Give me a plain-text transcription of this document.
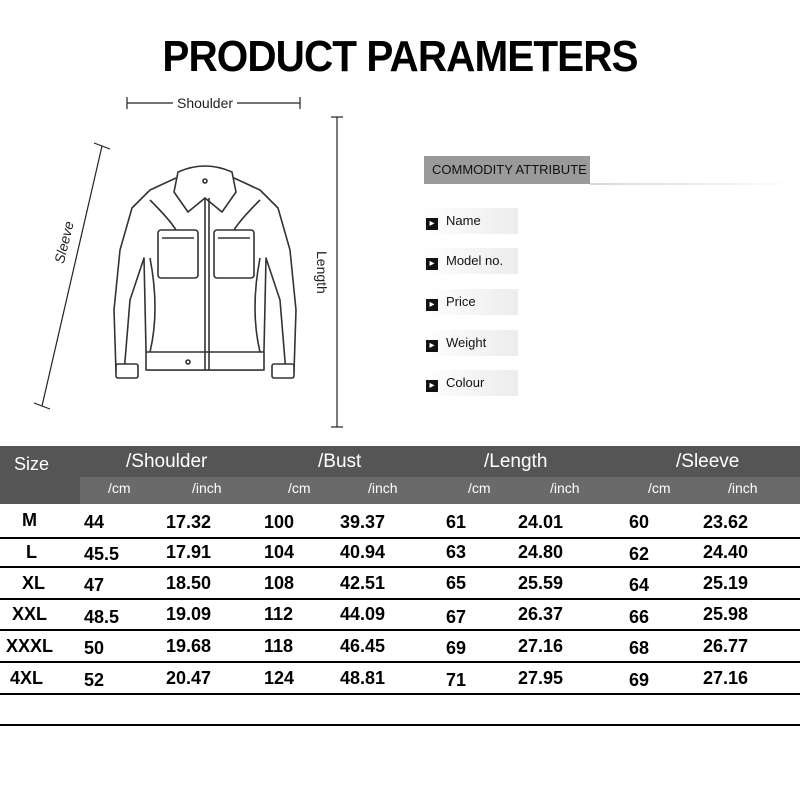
PRODUCT PARAMETERS
Shoulder
Sleeve
Length
COMMODITY ATTRIBUTE
▸ Name
▸ Model no.
▸ Price
▸ Weight
▸ Colour
Size	/Shoulder	/Bust	/Length	/Sleeve
/cm	/inch	/cm	/inch	/cm	/inch	/cm	/inch
M	44	17.32	100	39.37	61	24.01	60	23.62
L	45.5	17.91	104	40.94	63	24.80	62	24.40
XL 47	18.50	108	42.51	65	25.59	64	25.19
XXL 48.5	19.09	112	44.09	67	26.37	66	25.98
XXXL 50	19.68	118	46.45	69	27.16	68	26.77
4XL 52	20.47	124	48.81	71	27.95	69	27.16
